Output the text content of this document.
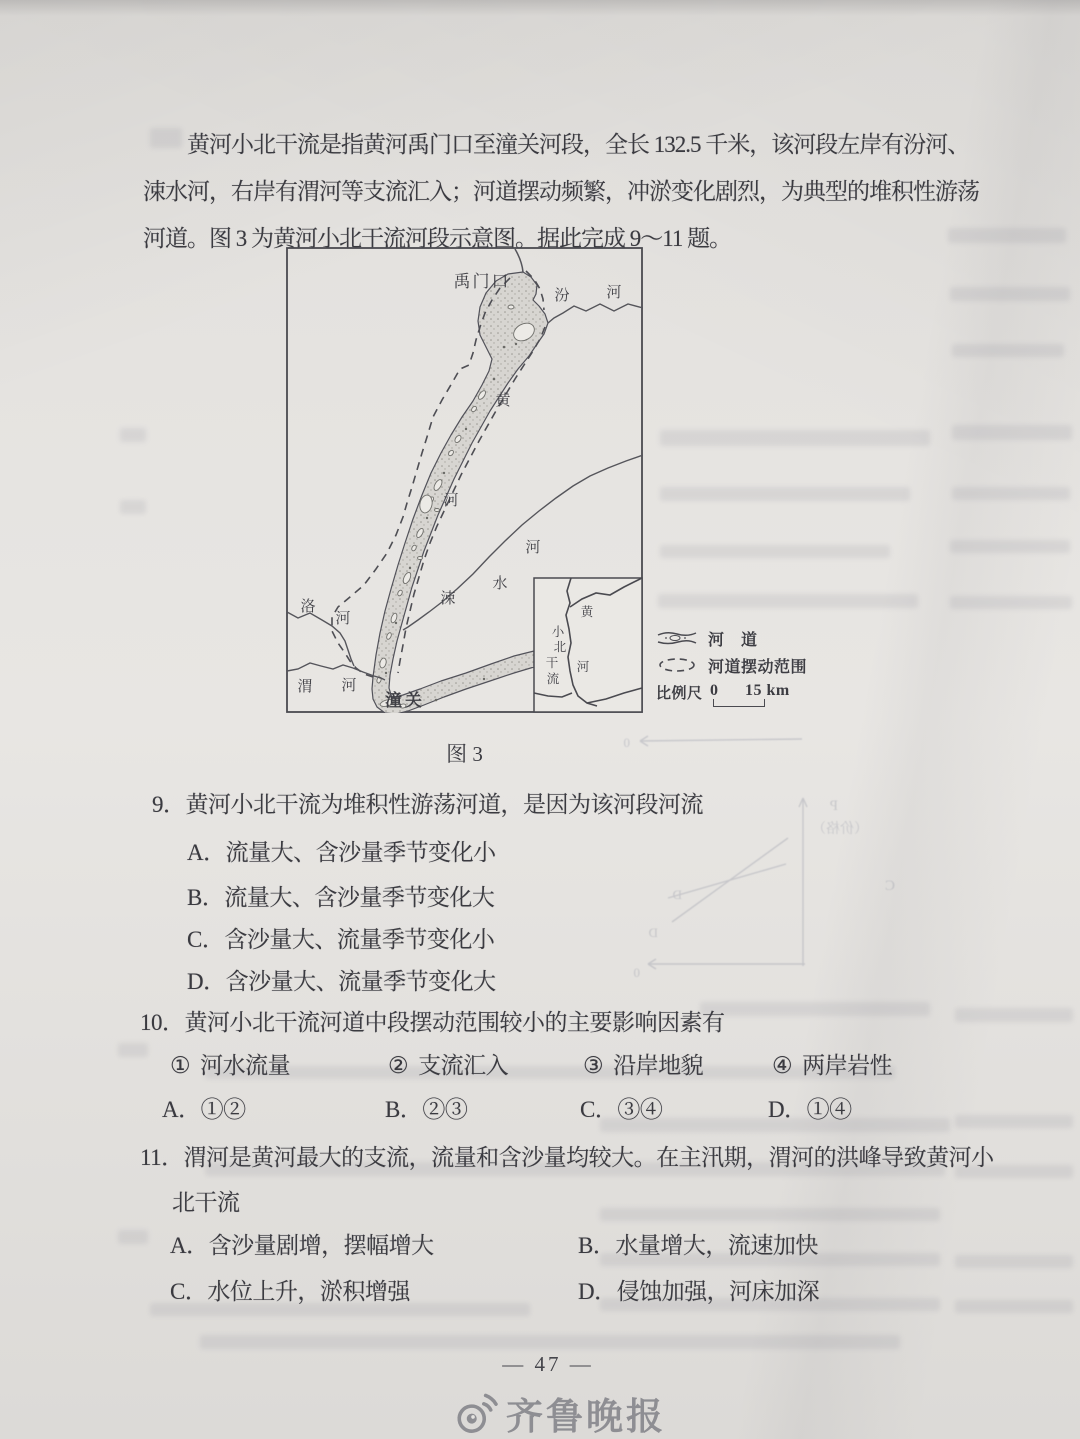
黄河小北干流是指黄河禹门口至潼关河段，全长 132.5 千米，该河段左岸有汾河、
涑水河，右岸有渭河等支流汇入；河道摆动频繁，冲淤变化剧烈，为典型的堆积性游荡
河道。图 3 为黄河小北干流河段示意图。据此完成 9～11 题。
禹门口
汾 河
黄
河
河
水
涑
洛
河
渭 河
潼关
黄
河
小
北
干
流
河　道
河道摆动范围
比例尺 0 15 km
0
0
P
（价格）
D
D
C
图 3
9．黄河小北干流为堆积性游荡河道，是因为该河段河流
A．流量大、含沙量季节变化小
B．流量大、含沙量季节变化大
C．含沙量大、流量季节变化小
D．含沙量大、流量季节变化大
10．黄河小北干流河道中段摆动范围较小的主要影响因素有
① 河水流量	② 支流汇入	③ 沿岸地貌	④ 两岸岩性
A．①②	B．②③	C．③④	D．①④
11．渭河是黄河最大的支流，流量和含沙量均较大。在主汛期，渭河的洪峰导致黄河小
北干流
A．含沙量剧增，摆幅增大	B．水量增大，流速加快
C．水位上升，淤积增强	D．侵蚀加强，河床加深
— 47 —
齐鲁晚报
